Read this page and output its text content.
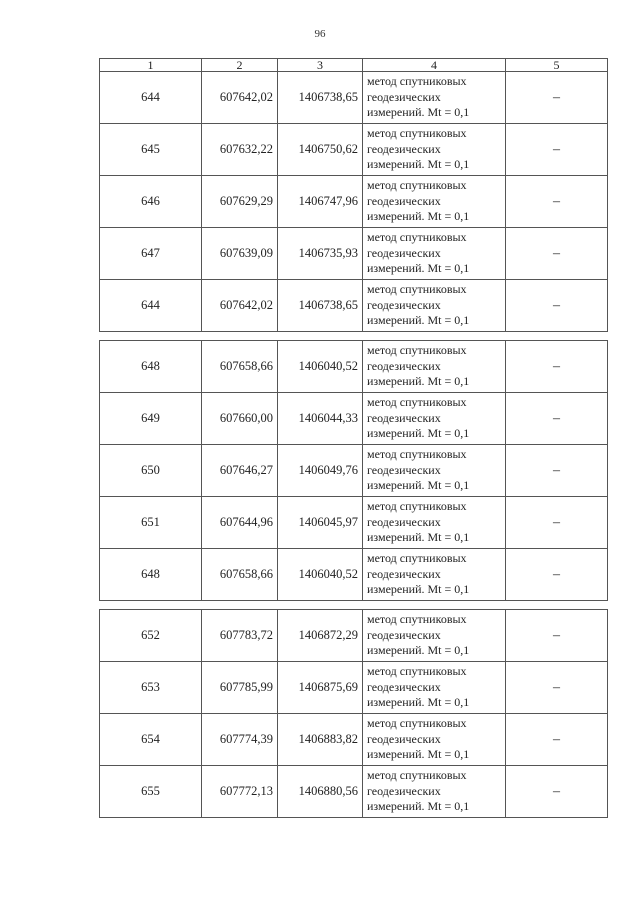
96
1	2	3	4	5
644	607642,02	1406738,65	метод спутниковых
геодезических
измерений. Mt = 0,1	–
645	607632,22	1406750,62	метод спутниковых
геодезических
измерений. Mt = 0,1	–
646	607629,29	1406747,96	метод спутниковых
геодезических
измерений. Mt = 0,1	–
647	607639,09	1406735,93	метод спутниковых
геодезических
измерений. Mt = 0,1	–
644	607642,02	1406738,65	метод спутниковых
геодезических
измерений. Mt = 0,1	–

648	607658,66	1406040,52	метод спутниковых
геодезических
измерений. Mt = 0,1	–
649	607660,00	1406044,33	метод спутниковых
геодезических
измерений. Mt = 0,1	–
650	607646,27	1406049,76	метод спутниковых
геодезических
измерений. Mt = 0,1	–
651	607644,96	1406045,97	метод спутниковых
геодезических
измерений. Mt = 0,1	–
648	607658,66	1406040,52	метод спутниковых
геодезических
измерений. Mt = 0,1	–

652	607783,72	1406872,29	метод спутниковых
геодезических
измерений. Mt = 0,1	–
653	607785,99	1406875,69	метод спутниковых
геодезических
измерений. Mt = 0,1	–
654	607774,39	1406883,82	метод спутниковых
геодезических
измерений. Mt = 0,1	–
655	607772,13	1406880,56	метод спутниковых
геодезических
измерений. Mt = 0,1	–
